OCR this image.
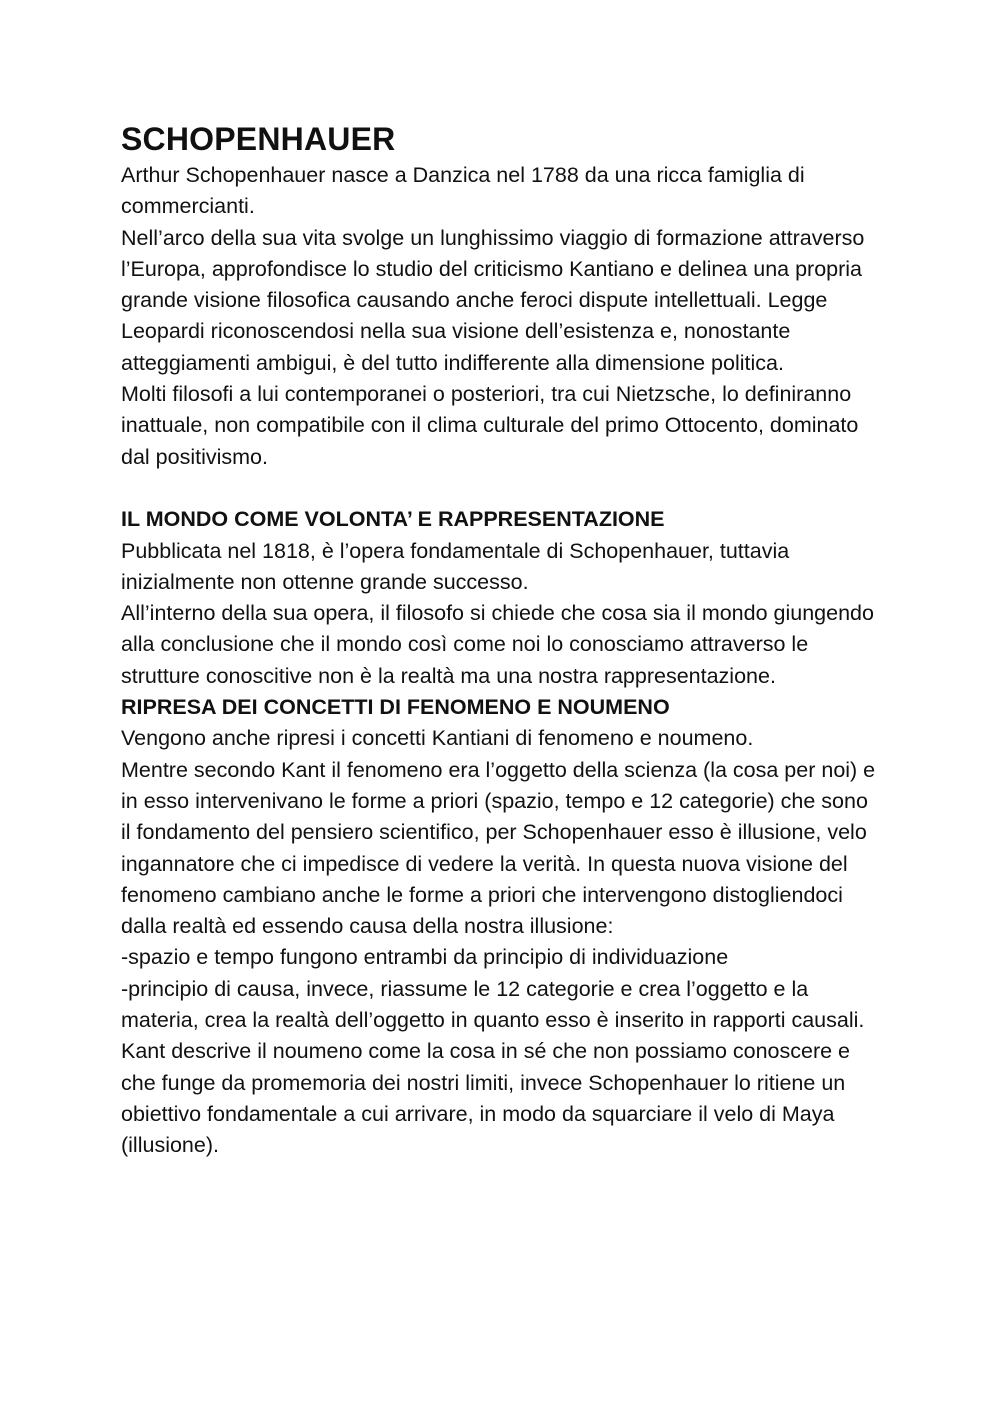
SCHOPENHAUER

Arthur Schopenhauer nasce a Danzica nel 1788 da una ricca famiglia di commercianti.

Nell’arco della sua vita svolge un lunghissimo viaggio di formazione attraverso l’Europa, approfondisce lo studio del criticismo Kantiano e delinea una propria grande visione filosofica causando anche feroci dispute intellettuali. Legge Leopardi riconoscendosi nella sua visione dell’esistenza e, nonostante atteggiamenti ambigui, è del tutto indifferente alla dimensione politica.

Molti filosofi a lui contemporanei o posteriori, tra cui Nietzsche, lo definiranno inattuale, non compatibile con il clima culturale del primo Ottocento, dominato dal positivismo.

IL MONDO COME VOLONTA’ E RAPPRESENTAZIONE

Pubblicata nel 1818, è l’opera fondamentale di Schopenhauer, tuttavia inizialmente non ottenne grande successo.

All’interno della sua opera, il filosofo si chiede che cosa sia il mondo giungendo alla conclusione che il mondo così come noi lo conosciamo attraverso le strutture conoscitive non è la realtà ma una nostra rappresentazione.

RIPRESA DEI CONCETTI DI FENOMENO E NOUMENO

Vengono anche ripresi i concetti Kantiani di fenomeno e noumeno.

Mentre secondo Kant il fenomeno era l’oggetto della scienza (la cosa per noi) e in esso intervenivano le forme a priori (spazio, tempo e 12 categorie) che sono il fondamento del pensiero scientifico, per Schopenhauer esso è illusione, velo ingannatore che ci impedisce di vedere la verità. In questa nuova visione del fenomeno cambiano anche le forme a priori che intervengono distogliendoci dalla realtà ed essendo causa della nostra illusione:

-spazio e tempo fungono entrambi da principio di individuazione

-principio di causa, invece, riassume le 12 categorie e crea l’oggetto e la materia, crea la realtà dell’oggetto in quanto esso è inserito in rapporti causali.

Kant descrive il noumeno come la cosa in sé che non possiamo conoscere e che funge da promemoria dei nostri limiti, invece Schopenhauer lo ritiene un obiettivo fondamentale a cui arrivare, in modo da squarciare il velo di Maya (illusione).
